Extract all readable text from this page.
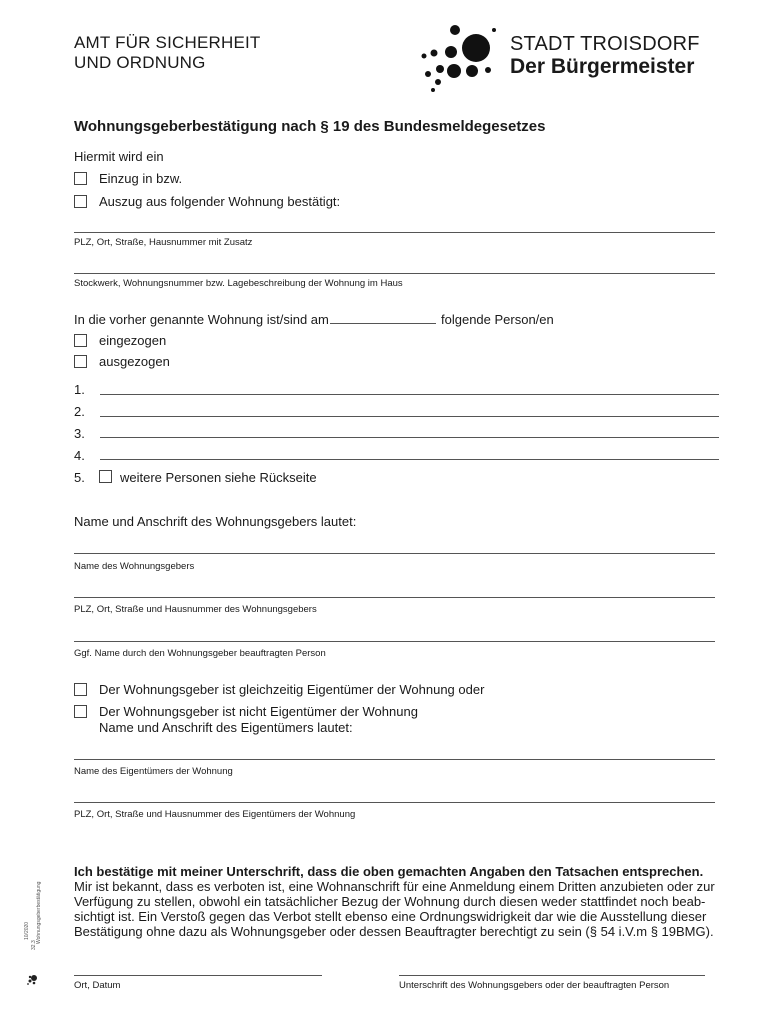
AMT FÜR SICHERHEIT
UND ORDNUNG
STADT TROISDORF
Der Bürgermeister
Wohnungsgeberbestätigung nach § 19 des Bundesmeldegesetzes
Hiermit wird ein
Einzug in bzw.
Auszug aus folgender Wohnung bestätigt:
PLZ, Ort, Straße, Hausnummer mit Zusatz
Stockwerk, Wohnungsnummer bzw. Lagebeschreibung der Wohnung im Haus
In die vorher genannte Wohnung ist/sind am	folgende Person/en
eingezogen
ausgezogen
1.
2.
3.
4.
5.	weitere Personen siehe Rückseite
Name und Anschrift des Wohnungsgebers lautet:
Name des Wohnungsgebers
PLZ, Ort, Straße und Hausnummer des Wohnungsgebers
Ggf. Name durch den Wohnungsgeber beauftragten Person
Der Wohnungsgeber ist gleichzeitig Eigentümer der Wohnung oder
Der Wohnungsgeber ist nicht Eigentümer der Wohnung
Name und Anschrift des Eigentümers lautet:
Name des Eigentümers der Wohnung
PLZ, Ort, Straße und Hausnummer des Eigentümers der Wohnung

Ich bestätige mit meiner Unterschrift, dass die oben gemachten Angaben den Tatsachen entsprechen.

Mir ist bekannt, dass es verboten ist, eine Wohnanschrift für eine Anmeldung einem Dritten anzubieten oder zur

Verfügung zu stellen, obwohl ein tatsächlicher Bezug der Wohnung durch diesen weder stattfindet noch beab-

sichtigt ist. Ein Verstoß gegen das Verbot stellt ebenso eine Ordnungswidrigkeit dar wie die Ausstellung dieser

Bestätigung ohne dazu als Wohnungsgeber oder dessen Beauftragter berechtigt zu sein (§ 54 i.V.m § 19BMG).

Ort, Datum	Unterschrift des Wohnungsgebers oder der beauftragten Person
10/2020
32.3
Wohnungsgeberbestätigung
